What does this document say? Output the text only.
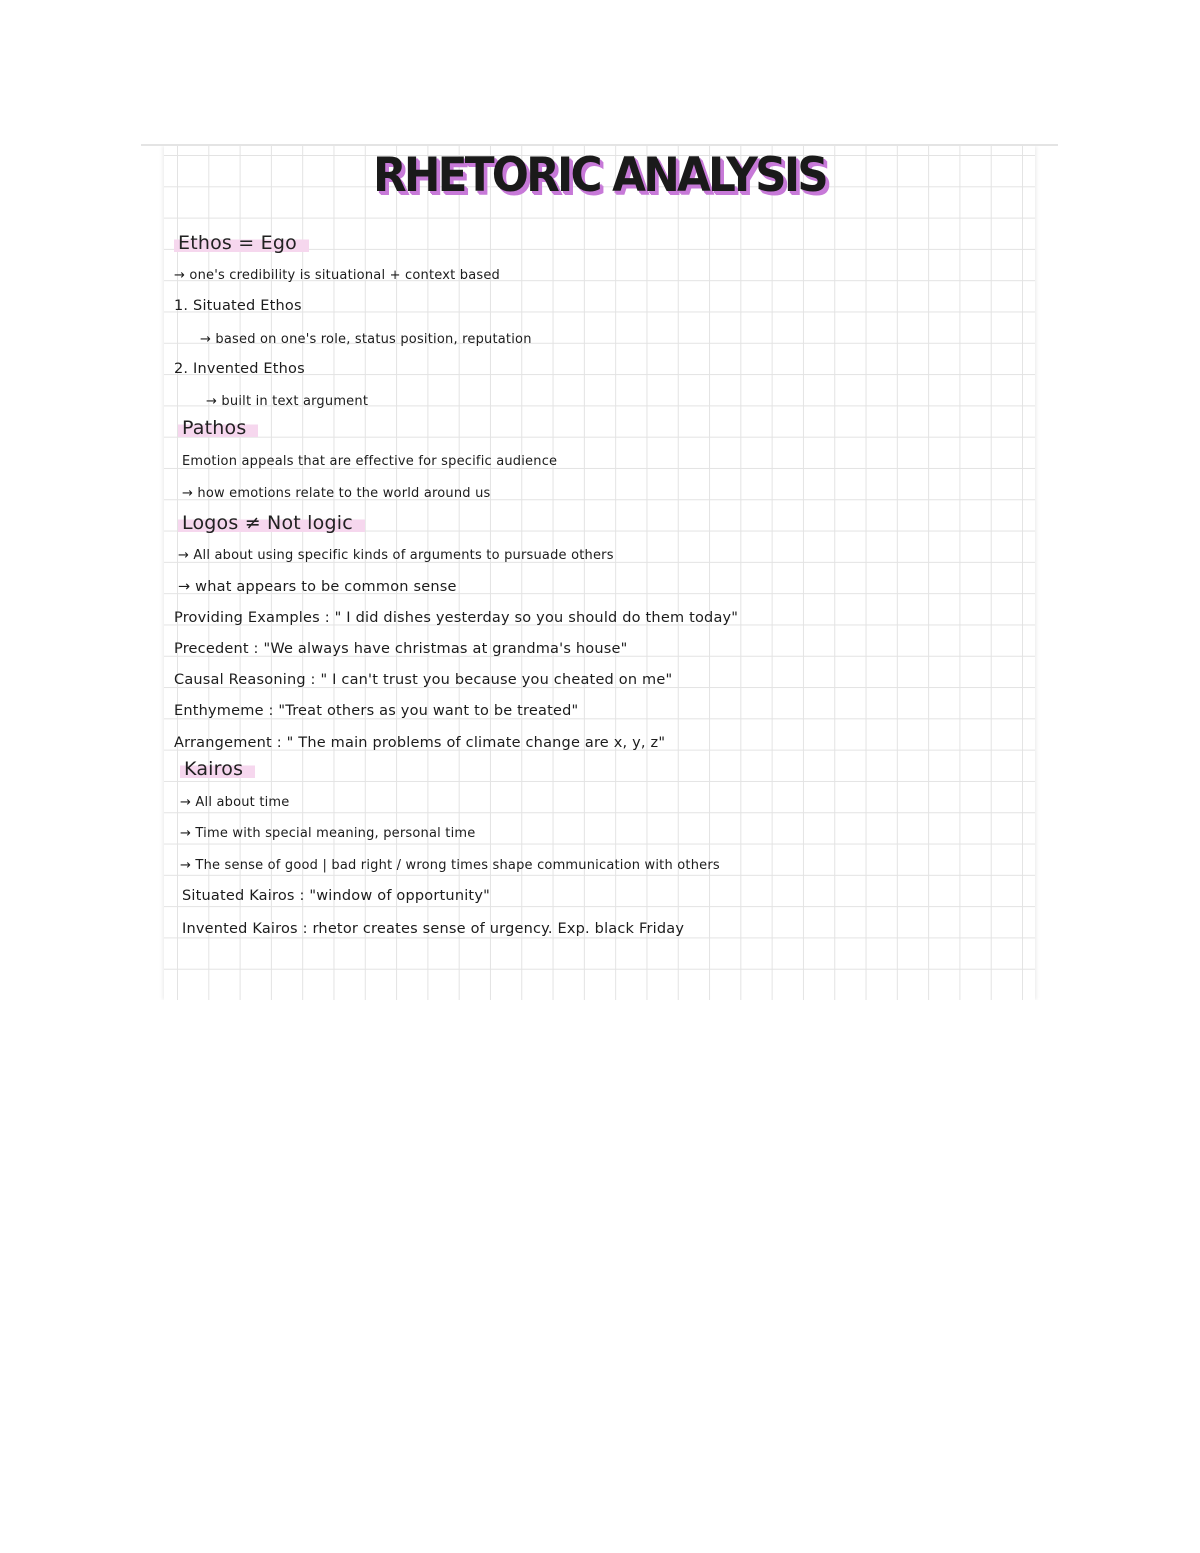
RHETORIC ANALYSIS
Ethos = Ego
→ one's credibility is situational + context based
1. Situated Ethos
→ based on one's role, status position, reputation
2. Invented Ethos
→ built in text argument
Pathos
Emotion appeals that are effective for specific audience
→ how emotions relate to the world around us
Logos ≠ Not logic
→ All about using specific kinds of arguments to pursuade others
→ what appears to be common sense
Providing Examples : " I did dishes yesterday so you should do them today"
Precedent : "We always have christmas at grandma's house"
Causal Reasoning : " I can't trust you because you cheated on me"
Enthymeme : "Treat others as you want to be treated"
Arrangement : " The main problems of climate change are x, y, z"
Kairos
→ All about time
→ Time with special meaning, personal time
→ The sense of good | bad right / wrong times shape communication with others
Situated Kairos : "window of opportunity"
Invented Kairos : rhetor creates sense of urgency. Exp. black Friday
